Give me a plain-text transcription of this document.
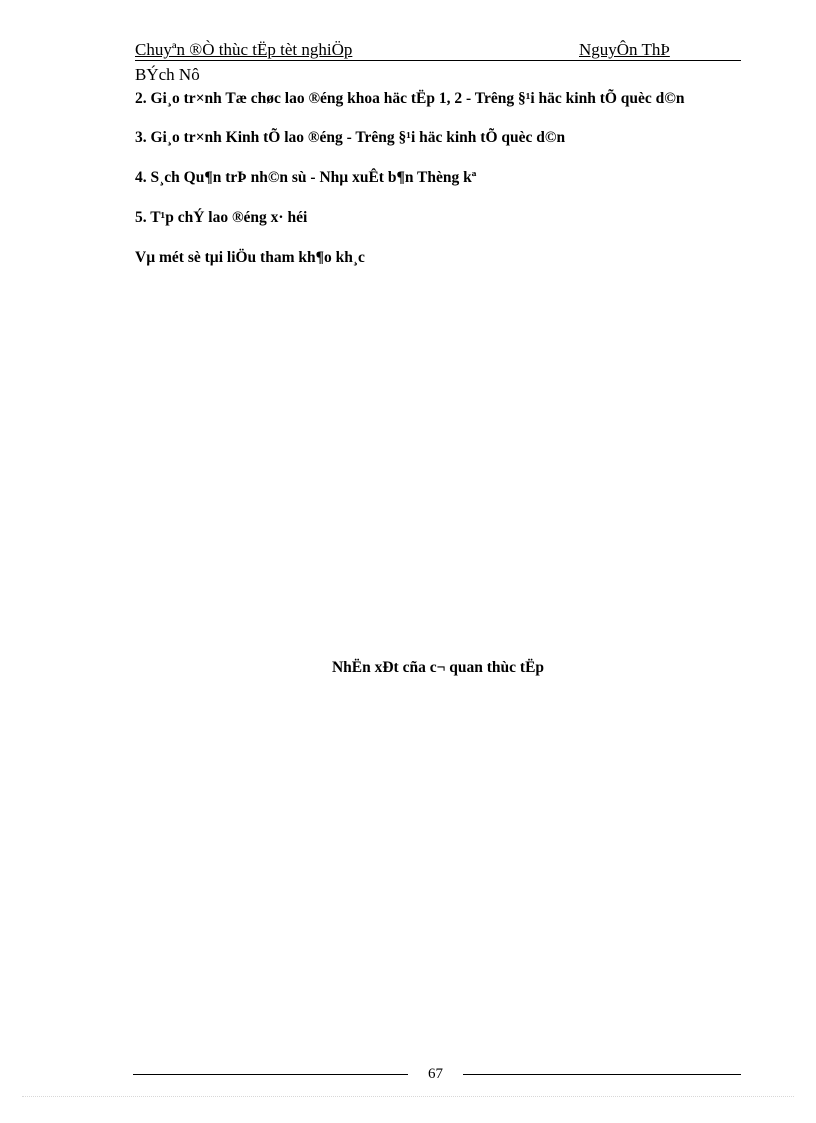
Chuyªn ®Ò thùc tËp tèt nghiÖp	NguyÔn ThÞ
BÝch Nô

2. Gi¸o tr×nh Tæ chøc lao ®éng khoa häc tËp 1, 2 - Trêng §¹i häc kinh tÕ quèc d©n

3. Gi¸o tr×nh Kinh tÕ lao ®éng - Trêng §¹i häc kinh tÕ quèc d©n

4. S¸ch Qu¶n trÞ nh©n sù - Nhµ xuÊt b¶n Thèng kª

5. T¹p chÝ lao ®éng x· héi

Vµ mét sè tµi liÖu tham kh¶o kh¸c

NhËn xÐt cña c¬ quan thùc tËp
67
